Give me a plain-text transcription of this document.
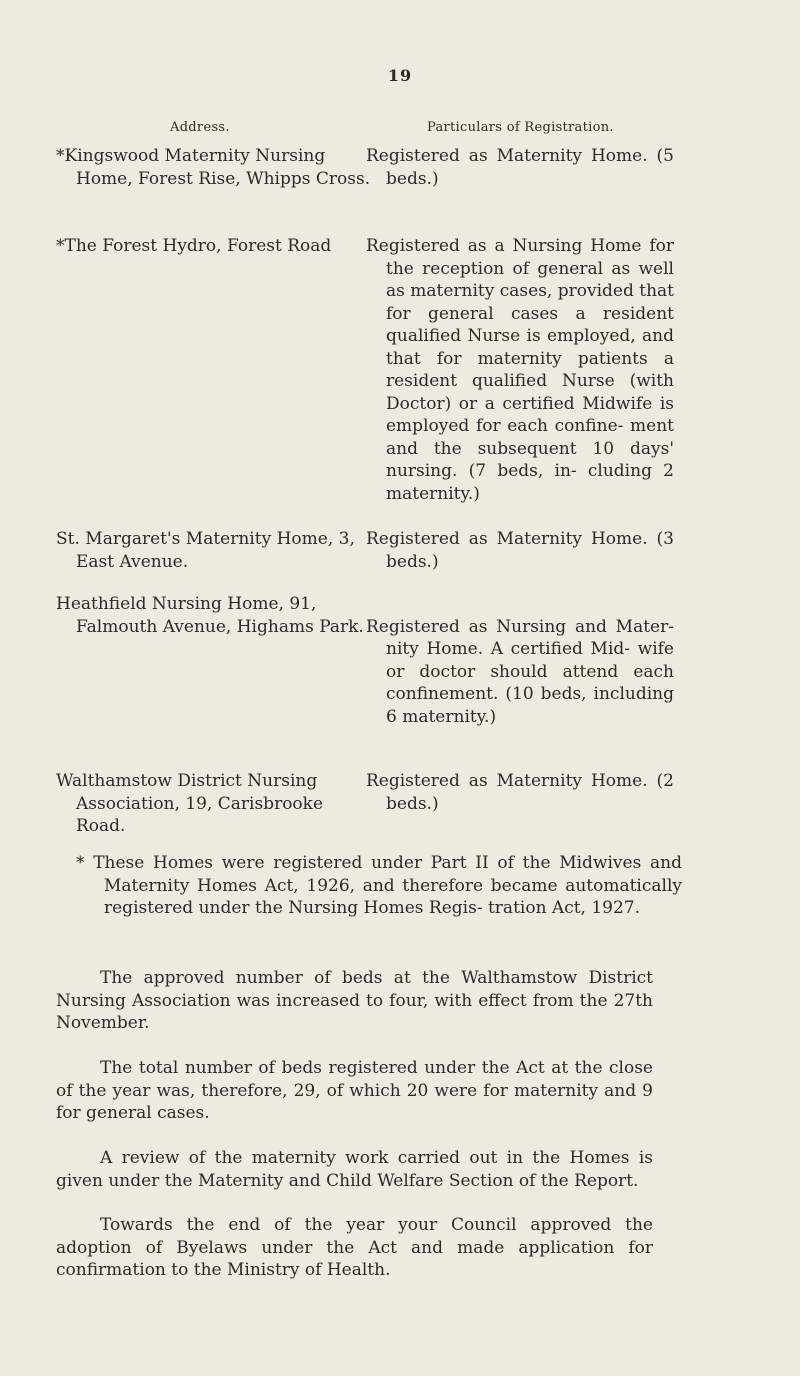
19
Address.	Particulars of Registration.
*Kingswood Maternity Nursing Home, Forest Rise, Whipps Cross.
Registered as Maternity Home. (5 beds.)
*The Forest Hydro, Forest Road	Registered as a Nursing Home for the reception of general as well as maternity cases, provided that for general cases a resident qualified Nurse is employed, and that for maternity patients a resident qualified Nurse (with Doctor) or a certified Midwife is employed for each confine- ment and the subsequent 10 days' nursing. (7 beds, in- cluding 2 maternity.)
St. Margaret's Maternity Home, 3, East Avenue.
Registered as Maternity Home. (3 beds.)
Heathfield Nursing Home, 91, Falmouth Avenue, Highams Park. Registered as Nursing and Mater- nity Home. A certified Mid- wife or doctor should attend each confinement. (10 beds, including 6 maternity.)
Walthamstow District Nursing Association, 19, Carisbrooke Road.
Registered as Maternity Home. (2 beds.)
* These Homes were registered under Part II of the Midwives and Maternity Homes Act, 1926, and therefore became automatically registered under the Nursing Homes Regis- tration Act, 1927.
The approved number of beds at the Walthamstow District Nursing Association was increased to four, with effect from the 27th November.
The total number of beds registered under the Act at the close of the year was, therefore, 29, of which 20 were for maternity and 9 for general cases.
A review of the maternity work carried out in the Homes is given under the Maternity and Child Welfare Section of the Report.
Towards the end of the year your Council approved the adoption of Byelaws under the Act and made application for confirmation to the Ministry of Health.
